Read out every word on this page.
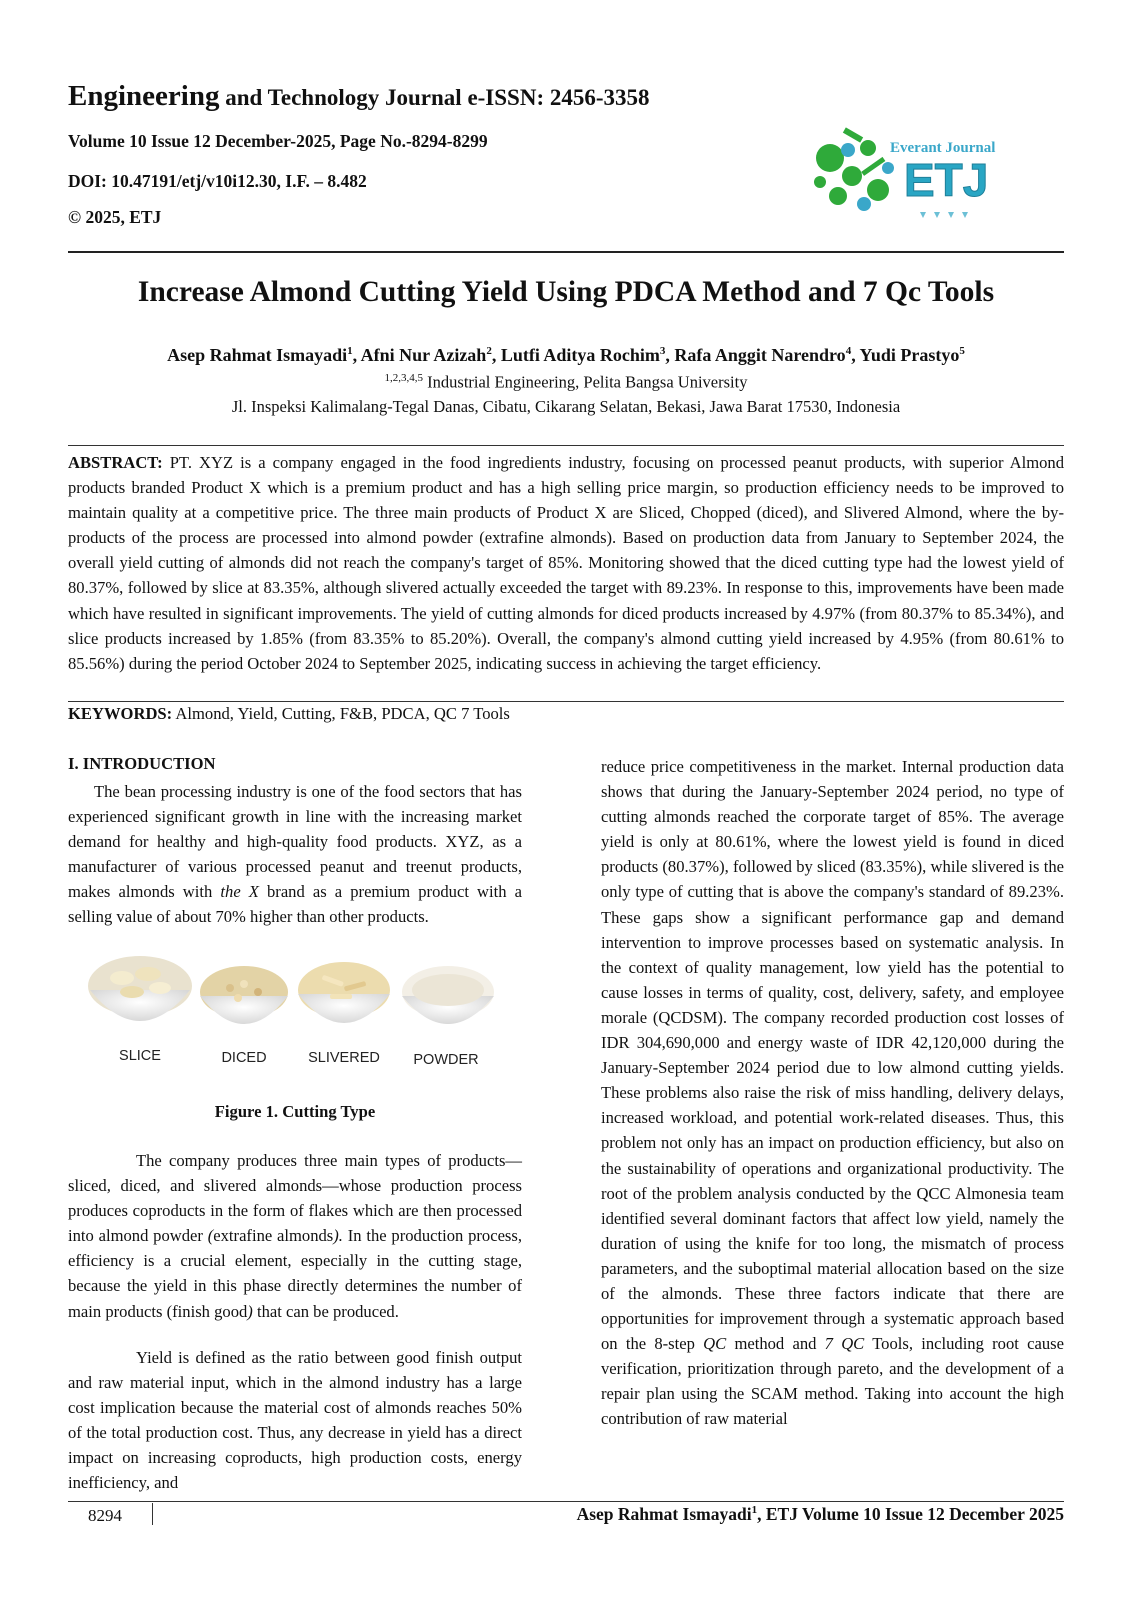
Engineering and Technology Journal e-ISSN: 2456-3358
Volume 10 Issue 12 December-2025, Page No.-8294-8299
DOI: 10.47191/etj/v10i12.30, I.F. – 8.482
© 2025, ETJ
Everant Journal
ETJ
Increase Almond Cutting Yield Using PDCA Method and 7 Qc Tools
Asep Rahmat Ismayadi$^1$, Afni Nur Azizah$^2$, Lutfi Aditya Rochim$^3$, Rafa Anggit Narendro$^4$, Yudi Prastyo$^5$
$^{1,2,3,4,5}$ Industrial Engineering, Pelita Bangsa University
Jl. Inspeksi Kalimalang-Tegal Danas, Cibatu, Cikarang Selatan, Bekasi, Jawa Barat 17530, Indonesia
ABSTRACT: PT. XYZ is a company engaged in the food ingredients industry, focusing on processed peanut products, with superior Almond products branded Product X which is a premium product and has a high selling price margin, so production efficiency needs to be improved to maintain quality at a competitive price. The three main products of Product X are Sliced, Chopped (diced), and Slivered Almond, where the by-products of the process are processed into almond powder (extrafine almonds). Based on production data from January to September 2024, the overall yield cutting of almonds did not reach the company's target of 85%. Monitoring showed that the diced cutting type had the lowest yield of 80.37%, followed by slice at 83.35%, although slivered actually exceeded the target with 89.23%. In response to this, improvements have been made which have resulted in significant improvements. The yield of cutting almonds for diced products increased by 4.97% (from 80.37% to 85.34%), and slice products increased by 1.85% (from 83.35% to 85.20%). Overall, the company's almond cutting yield increased by 4.95% (from 80.61% to 85.56%) during the period October 2024 to September 2025, indicating success in achieving the target efficiency.
KEYWORDS: Almond, Yield, Cutting, F&B, PDCA, QC 7 Tools
I. INTRODUCTION
The bean processing industry is one of the food sectors that has experienced significant growth in line with the increasing market demand for healthy and high-quality food products. XYZ, as a manufacturer of various processed peanut and treenut products, makes almonds with the X brand as a premium product with a selling value of about 70% higher than other products.
SLICE	DICED	SLIVERED POWDER
Figure 1. Cutting Type
The company produces three main types of products—sliced, diced, and slivered almonds—whose production process produces coproducts in the form of flakes which are then processed into almond powder (extrafine almonds). In the production process, efficiency is a crucial element, especially in the cutting stage, because the yield in this phase directly determines the number of main products (finish good) that can be produced.
Yield is defined as the ratio between good finish output and raw material input, which in the almond industry has a large cost implication because the material cost of almonds reaches 50% of the total production cost. Thus, any decrease in yield has a direct impact on increasing coproducts, high production costs, energy inefficiency, and
reduce price competitiveness in the market. Internal production data shows that during the January-September 2024 period, no type of cutting almonds reached the corporate target of 85%. The average yield is only at 80.61%, where the lowest yield is found in diced products (80.37%), followed by sliced (83.35%), while slivered is the only type of cutting that is above the company's standard of 89.23%. These gaps show a significant performance gap and demand intervention to improve processes based on systematic analysis. In the context of quality management, low yield has the potential to cause losses in terms of quality, cost, delivery, safety, and employee morale (QCDSM). The company recorded production cost losses of IDR 304,690,000 and energy waste of IDR 42,120,000 during the January-September 2024 period due to low almond cutting yields. These problems also raise the risk of miss handling, delivery delays, increased workload, and potential work-related diseases. Thus, this problem not only has an impact on production efficiency, but also on the sustainability of operations and organizational productivity. The root of the problem analysis conducted by the QCC Almonesia team identified several dominant factors that affect low yield, namely the duration of using the knife for too long, the mismatch of process parameters, and the suboptimal material allocation based on the size of the almonds. These three factors indicate that there are opportunities for improvement through a systematic approach based on the 8-step QC method and 7 QC Tools, including root cause verification, prioritization through pareto, and the development of a repair plan using the SCAM method. Taking into account the high contribution of raw material
8294	Asep Rahmat Ismayadi$^1$, ETJ Volume 10 Issue 12 December 2025
